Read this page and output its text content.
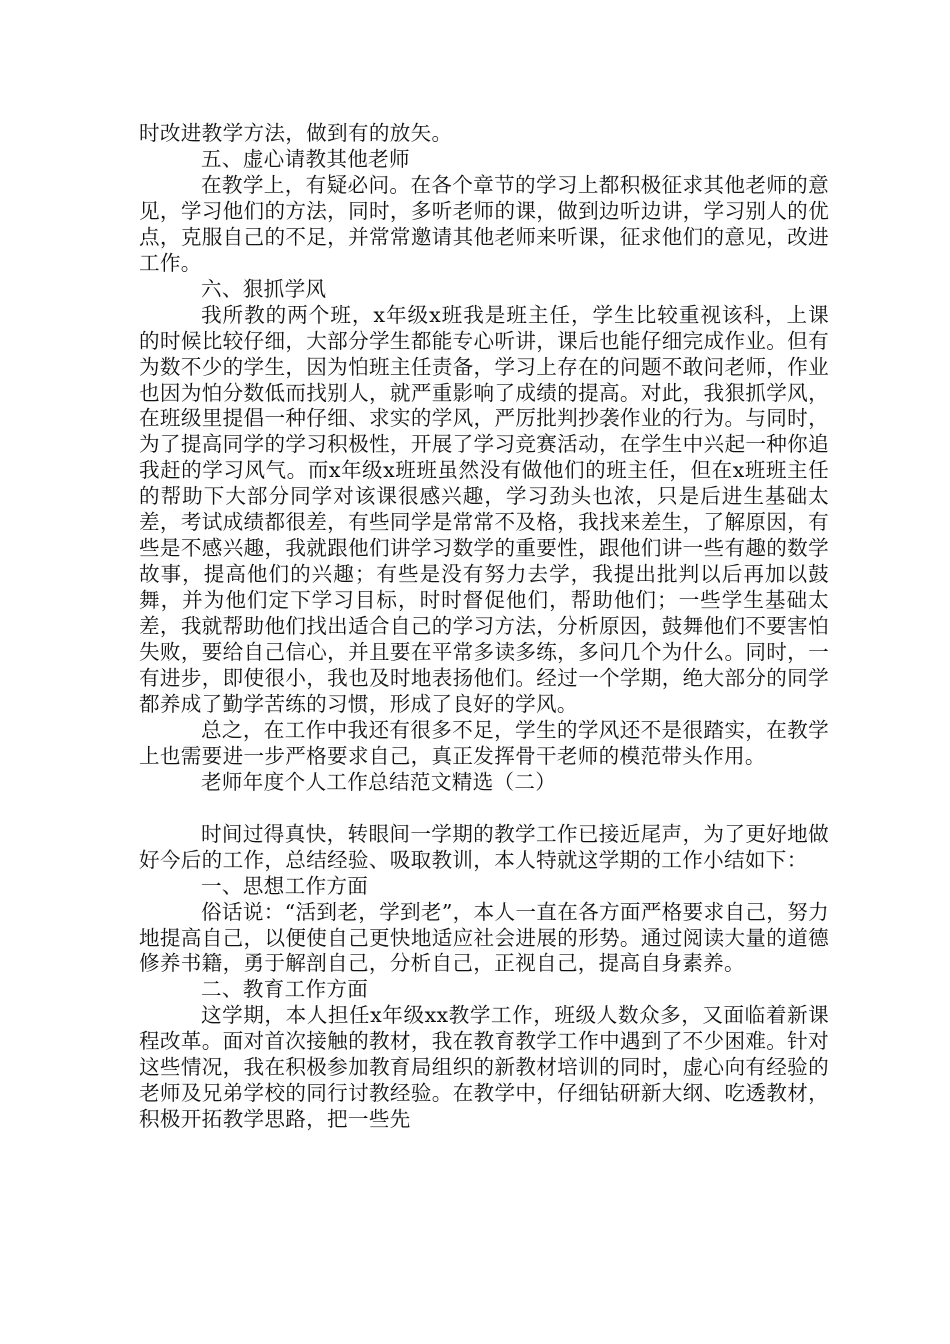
时改进教学方法，做到有的放矢。

五、虚心请教其他老师

在教学上，有疑必问。在各个章节的学习上都积极征求其他老师的意见，学习他们的方法，同时，多听老师的课，做到边听边讲，学习别人的优点，克服自己的不足，并常常邀请其他老师来听课，征求他们的意见，改进工作。

六、狠抓学风

我所教的两个班，x年级x班我是班主任，学生比较重视该科，上课的时候比较仔细，大部分学生都能专心听讲，课后也能仔细完成作业。但有为数不少的学生，因为怕班主任责备，学习上存在的问题不敢问老师，作业也因为怕分数低而找别人，就严重影响了成绩的提高。对此，我狠抓学风，在班级里提倡一种仔细、求实的学风，严厉批判抄袭作业的行为。与同时，为了提高同学的学习积极性，开展了学习竞赛活动，在学生中兴起一种你追我赶的学习风气。而x年级x班班虽然没有做他们的班主任，但在x班班主任的帮助下大部分同学对该课很感兴趣，学习劲头也浓，只是后进生基础太差，考试成绩都很差，有些同学是常常不及格，我找来差生，了解原因，有些是不感兴趣，我就跟他们讲学习数学的重要性，跟他们讲一些有趣的数学故事，提高他们的兴趣；有些是没有努力去学，我提出批判以后再加以鼓舞，并为他们定下学习目标，时时督促他们，帮助他们；一些学生基础太差，我就帮助他们找出适合自己的学习方法，分析原因，鼓舞他们不要害怕失败，要给自己信心，并且要在平常多读多练，多问几个为什么。同时，一有进步，即使很小，我也及时地表扬他们。经过一个学期，绝大部分的同学都养成了勤学苦练的习惯，形成了良好的学风。

总之，在工作中我还有很多不足，学生的学风还不是很踏实，在教学上也需要进一步严格要求自己，真正发挥骨干老师的模范带头作用。

老师年度个人工作总结范文精选（二）

时间过得真快，转眼间一学期的教学工作已接近尾声，为了更好地做好今后的工作，总结经验、吸取教训，本人特就这学期的工作小结如下：

一、思想工作方面

俗话说：“活到老，学到老”，本人一直在各方面严格要求自己，努力地提高自己，以便使自己更快地适应社会进展的形势。通过阅读大量的道德修养书籍，勇于解剖自己，分析自己，正视自己，提高自身素养。

二、教育工作方面

这学期，本人担任x年级xx教学工作，班级人数众多，又面临着新课程改革。面对首次接触的教材，我在教育教学工作中遇到了不少困难。针对这些情况，我在积极参加教育局组织的新教材培训的同时，虚心向有经验的老师及兄弟学校的同行讨教经验。在教学中，仔细钻研新大纲、吃透教材，积极开拓教学思路，把一些先
